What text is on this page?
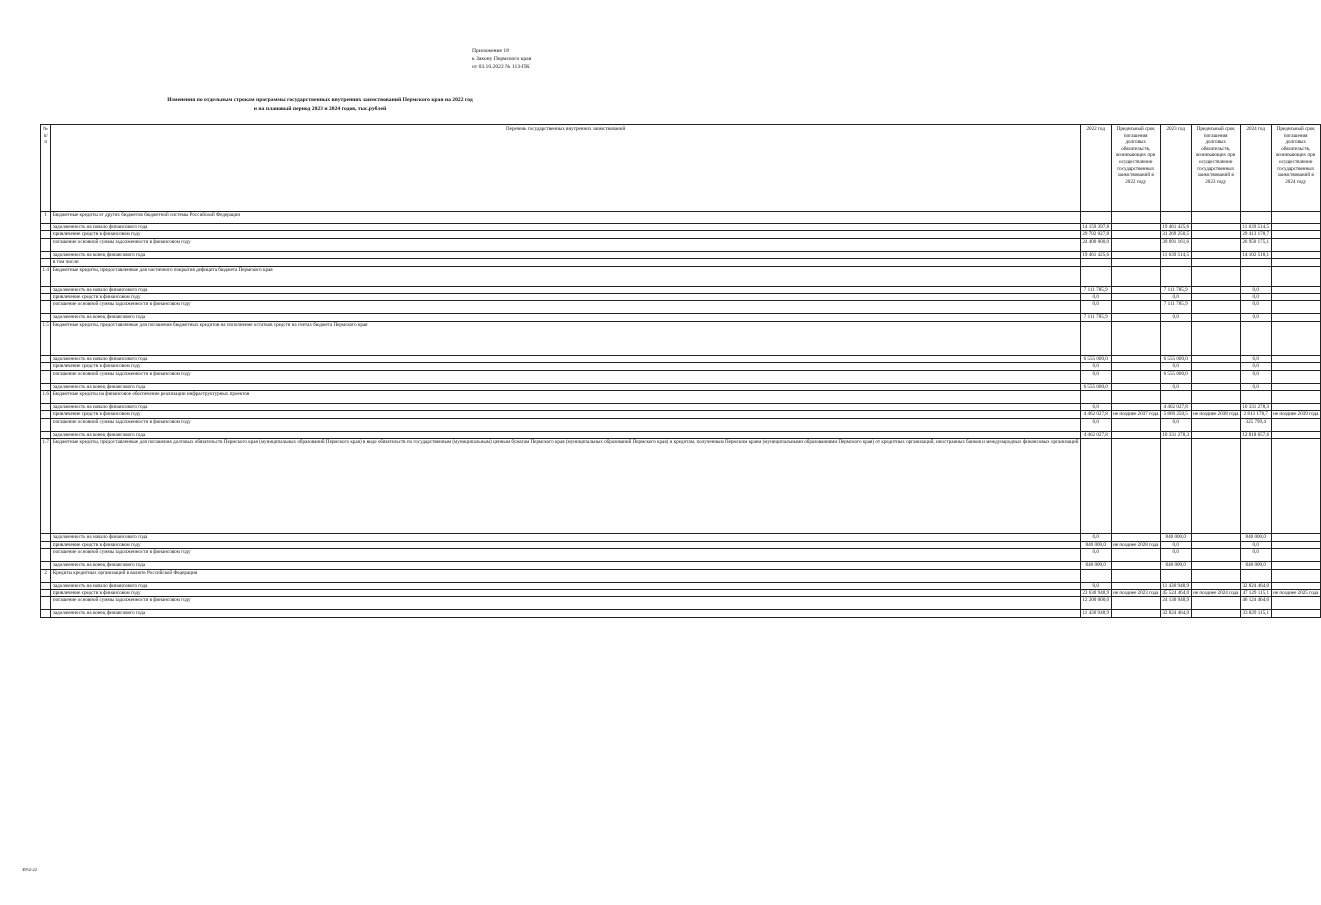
Приложение 18
к Закону Пермского края
от 03.10.2022 № 113-ПК
Изменения по отдельным строкам программы государственных внутренних заимствований Пермского края на 2022 год
и на плановый период 2023 и 2024 годов, тыс.рублей
№ п/п	Перечень государственных внутренних заимствований	2022 год	Предельный срок погашения долговых обязательств, возникающих при осуществлении государственных заимствований в 2022 году	2023 год	Предельный срок погашения долговых обязательств, возникающих при осуществлении государственных заимствований в 2023 году	2024 год	Предельный срок погашения долговых обязательств, возникающих при осуществлении государственных заимствований в 2024 году
1	Бюджетные кредиты от других бюджетов бюджетной системы Российской Федерации						
	задолженность на начало финансового года	14 159 397,8		19 461 425,6		11 639 514,5	
	привлечение средств в финансовом году	29 702 027,8		31 269 250,5		29 413 178,7	
	погашение основной суммы задолженности в финансовом году	24 400 000,0		39 091 161,6		26 950 175,1	
	задолженность на конец финансового года	19 461 425,6		11 639 514,5		14 102 518,1	
	в том числе:						
1.4	Бюджетные кредиты, предоставленные для частичного покрытия дефицита бюджета Пермского края						
	задолженность на начало финансового года	7 111 785,9		7 111 785,9		0,0	
	привлечение средств в финансовом году	0,0		0,0		0,0	
	погашение основной суммы задолженности в финансовом году	0,0		7 111 785,9		0,0	
	задолженность на конец финансового года	7 111 785,9		0,0		0,0	
1.5	Бюджетные кредиты, предоставленные для погашения бюджетных кредитов на пополнение остатков средств на счетах бюджета Пермского края						
	задолженность на начало финансового года	6 555 000,0		6 555 000,0		0,0	
	привлечение средств в финансовом году	0,0		0,0		0,0	
	погашение основной суммы задолженности в финансовом году	0,0		6 555 000,0		0,0	
	задолженность на конец финансового года	6 555 000,0		0,0		0,0	
1.6	Бюджетные кредиты на финансовое обеспечение реализации инфраструктурных проектов						
	задолженность на начало финансового года	0,0		4 462 027,8		10 331 278,3	
	привлечение средств в финансовом году	4 462 027,8	не позднее 2037 года	5 869 250,5	не позднее 2038 года	2 813 178,7	не позднее 2039 года
	погашение основной суммы задолженности в финансовом году	0,0		0,0		325 799,4	
	задолженность на конец финансового года	4 462 027,8		10 331 278,3		12 818 657,6	
1.7	Бюджетные кредиты, предоставленные для погашения долговых обязательств Пермского края (муниципальных образований Пермского края) в виде обязательств по государственным (муниципальным) ценным бумагам Пермского края (муниципальных образований Пермского края) и кредитам, полученным Пермским краем (муниципальными образованиями Пермского края) от кредитных организаций, иностранных банков и международных финансовых организаций						
	задолженность на начало финансового года	0,0		840 000,0		840 000,0	
	привлечение средств в финансовом году	840 000,0	не позднее 2028 года	0,0		0,0	
	погашение основной суммы задолженности в финансовом году	0,0		0,0		0,0	
	задолженность на конец финансового года	840 000,0		840 000,0		840 000,0	
2	Кредиты кредитных организаций в валюте Российской Федерации						
	задолженность на начало финансового года	0,0		11 430 948,9		32 824 464,0	
	привлечение средств в финансовом году	23 630 948,9	не позднее 2023 года	45 524 464,0	не позднее 2024 года	47 129 115,1	не позднее 2025 года
	погашение основной суммы задолженности в финансовом году	12 200 000,0		24 130 948,9		46 124 464,0	
	задолженность на конец финансового года	11 430 948,9		32 824 464,0		33 829 115,1	
4952-22
